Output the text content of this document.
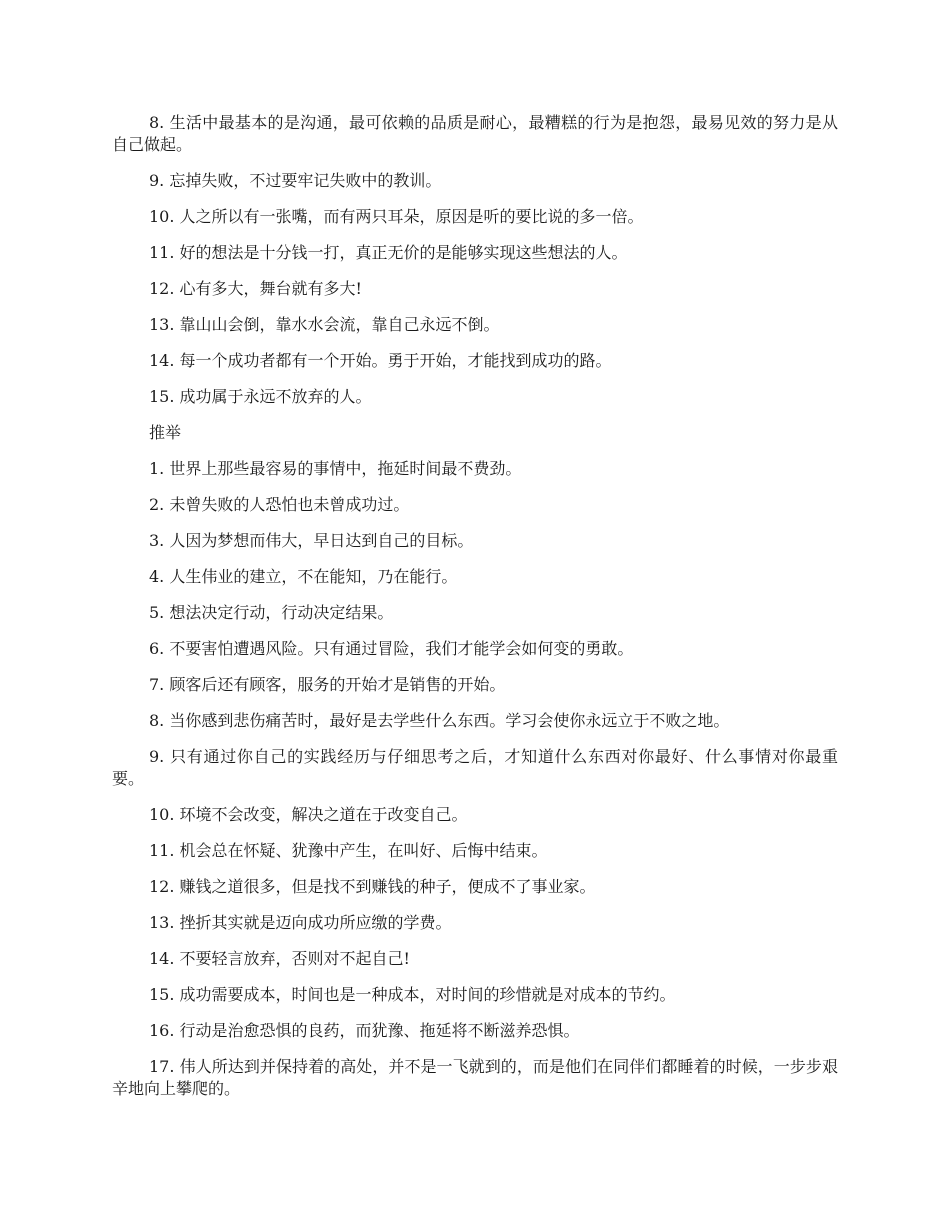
8. 生活中最基本的是沟通，最可依赖的品质是耐心，最糟糕的行为是抱怨，最易见效的努力是从自己做起。

9. 忘掉失败，不过要牢记失败中的教训。

10. 人之所以有一张嘴，而有两只耳朵，原因是听的要比说的多一倍。

11. 好的想法是十分钱一打，真正无价的是能够实现这些想法的人。

12. 心有多大，舞台就有多大!

13. 靠山山会倒，靠水水会流，靠自己永远不倒。

14. 每一个成功者都有一个开始。勇于开始，才能找到成功的路。

15. 成功属于永远不放弃的人。

推举

1. 世界上那些最容易的事情中，拖延时间最不费劲。

2. 未曾失败的人恐怕也未曾成功过。

3. 人因为梦想而伟大，早日达到自己的目标。

4. 人生伟业的建立，不在能知，乃在能行。

5. 想法决定行动，行动决定结果。

6. 不要害怕遭遇风险。只有通过冒险，我们才能学会如何变的勇敢。

7. 顾客后还有顾客，服务的开始才是销售的开始。

8. 当你感到悲伤痛苦时，最好是去学些什么东西。学习会使你永远立于不败之地。

9. 只有通过你自己的实践经历与仔细思考之后，才知道什么东西对你最好、什么事情对你最重要。

10. 环境不会改变，解决之道在于改变自己。

11. 机会总在怀疑、犹豫中产生，在叫好、后悔中结束。

12. 赚钱之道很多，但是找不到赚钱的种子，便成不了事业家。

13. 挫折其实就是迈向成功所应缴的学费。

14. 不要轻言放弃，否则对不起自己!

15. 成功需要成本，时间也是一种成本，对时间的珍惜就是对成本的节约。

16. 行动是治愈恐惧的良药，而犹豫、拖延将不断滋养恐惧。

17. 伟人所达到并保持着的高处，并不是一飞就到的，而是他们在同伴们都睡着的时候，一步步艰辛地向上攀爬的。
